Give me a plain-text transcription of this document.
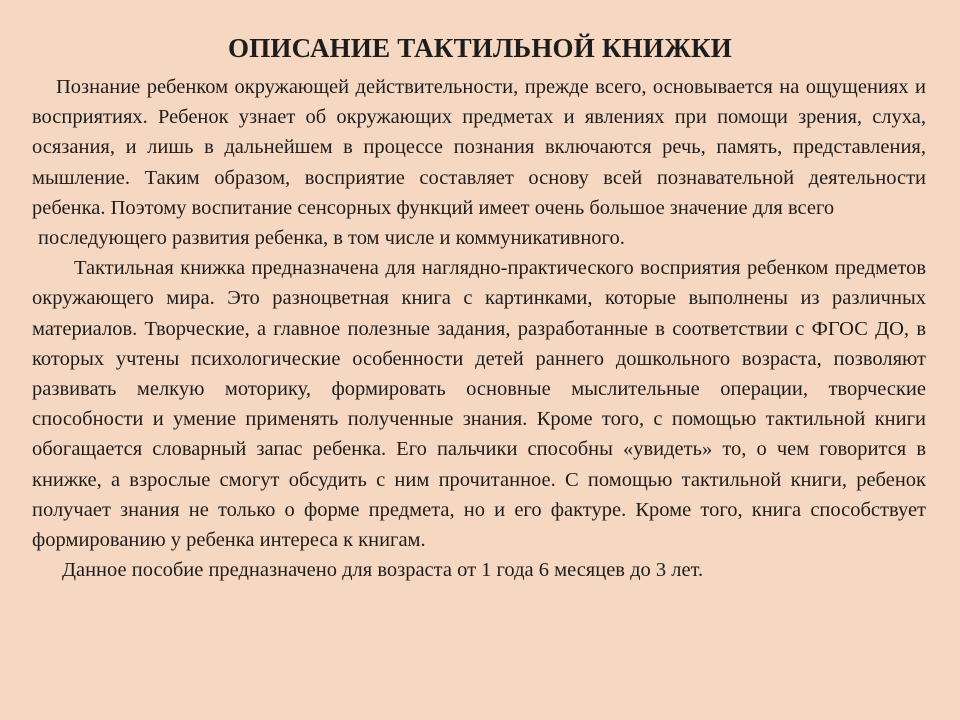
ОПИСАНИЕ ТАКТИЛЬНОЙ КНИЖКИ

Познание ребенком окружающей действительности, прежде всего, основывается на ощущениях и восприятиях. Ребенок узнает об окружающих предметах и явлениях при помощи зрения, слуха, осязания, и лишь в дальнейшем в процессе познания включаются речь, память, представления, мышление. Таким образом, восприятие составляет основу всей познавательной деятельности ребенка. Поэтому воспитание сенсорных функций имеет очень большое значение для всего

последующего развития ребенка, в том числе и коммуникативного.

Тактильная книжка предназначена для наглядно-практического восприятия ребенком предметов окружающего мира. Это разноцветная книга с картинками, которые выполнены из различных материалов. Творческие, а главное полезные задания, разработанные в соответствии с ФГОС ДО, в которых учтены психологические особенности детей раннего дошкольного возраста, позволяют развивать мелкую моторику, формировать основные мыслительные операции, творческие способности и умение применять полученные знания. Кроме того, с помощью тактильной книги обогащается словарный запас ребенка. Его пальчики способны «увидеть» то, о чем говорится в книжке, а взрослые смогут обсудить с ним прочитанное. С помощью тактильной книги, ребенок получает знания не только о форме предмета, но и его фактуре. Кроме того, книга способствует формированию у ребенка интереса к книгам.

Данное пособие предназначено для возраста от 1 года 6 месяцев до 3 лет.
